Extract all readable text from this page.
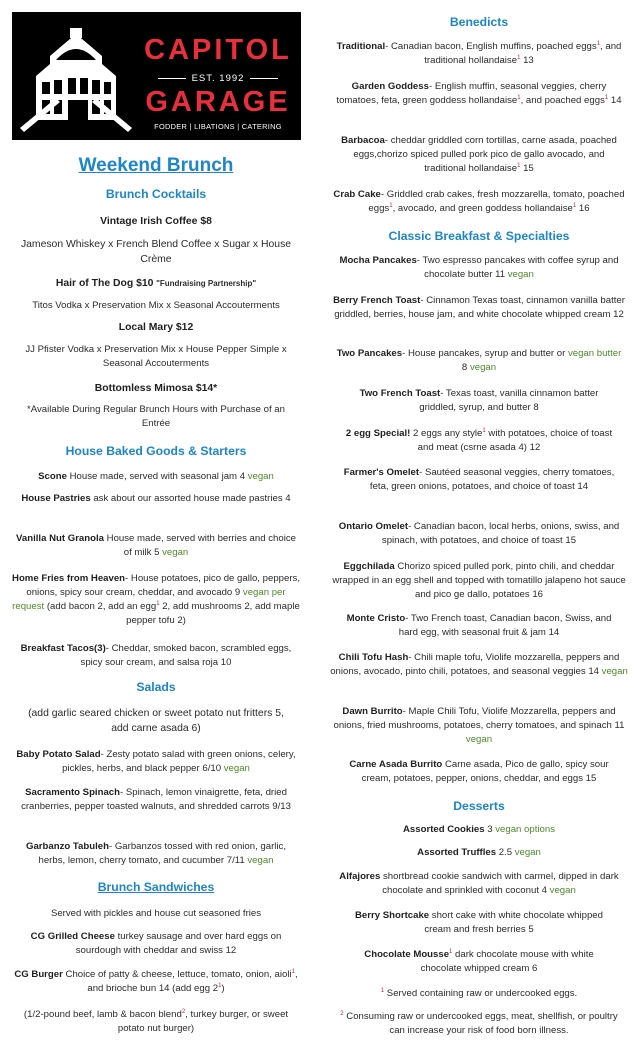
CAPITOL
EST. 1992
GARAGE
FODDER | LIBATIONS | CATERING
Weekend Brunch
Brunch Cocktails
Vintage Irish Coffee $8
Jameson Whiskey x French Blend Coffee x Sugar x House Crème
Hair of The Dog $10 "Fundraising Partnership"
Titos Vodka x Preservation Mix x Seasonal Accouterments
Local Mary $12
JJ Pfister Vodka x Preservation Mix x House Pepper Simple x Seasonal Accouterments
Bottomless Mimosa $14*
*Available During Regular Brunch Hours with Purchase of an Entrée
House Baked Goods & Starters
Scone House made, served with seasonal jam 4 vegan
House Pastries ask about our assorted house made pastries 4
Vanilla Nut Granola House made, served with berries and choice of milk 5 vegan
Home Fries from Heaven- House potatoes, pico de gallo, peppers, onions, spicy sour cream, cheddar, and avocado 9 vegan per request (add bacon 2, add an egg$^1$ 2, add mushrooms 2, add maple pepper tofu 2)
Breakfast Tacos(3)- Cheddar, smoked bacon, scrambled eggs, spicy sour cream, and salsa roja 10
Salads
(add garlic seared chicken or sweet potato nut fritters 5, add carne asada 6)
Baby Potato Salad- Zesty potato salad with green onions, celery, pickles, herbs, and black pepper 6/10 vegan
Sacramento Spinach- Spinach, lemon vinaigrette, feta, dried cranberries, pepper toasted walnuts, and shredded carrots 9/13
Garbanzo Tabuleh- Garbanzos tossed with red onion, garlic, herbs, lemon, cherry tomato, and cucumber 7/11 vegan
Brunch Sandwiches
Served with pickles and house cut seasoned fries
CG Grilled Cheese turkey sausage and over hard eggs on sourdough with cheddar and swiss 12
CG Burger Choice of patty & cheese, lettuce, tomato, onion, aioli$^1$, and brioche bun 14 (add egg $2^1$)
(1/2-pound beef, lamb & bacon blend$^2$, turkey burger, or sweet potato nut burger)
Benedicts
Traditional- Canadian bacon, English muffins, poached eggs$^1$, and traditional hollandaise$^1$ 13
Garden Goddess- English muffin, seasonal veggies, cherry tomatoes, feta, green goddess hollandaise$^1$, and poached eggs$^1$ 14
Barbacoa- cheddar griddled corn tortillas, carne asada, poached eggs,chorizo spiced pulled pork pico de gallo avocado, and traditional hollandaise$^1$ 15
Crab Cake- Griddled crab cakes, fresh mozzarella, tomato, poached eggs$^1$, avocado, and green goddess hollandaise$^1$ 16
Classic Breakfast & Specialties
Mocha Pancakes- Two espresso pancakes with coffee syrup and chocolate butter 11 vegan
Berry French Toast- Cinnamon Texas toast, cinnamon vanilla batter griddled, berries, house jam, and white chocolate whipped cream 12
Two Pancakes- House pancakes, syrup and butter or vegan butter 8 vegan
Two French Toast- Texas toast, vanilla cinnamon batter griddled, syrup, and butter 8
2 egg Special! 2 eggs any style$^1$ with potatoes, choice of toast and meat (csrne asada 4) 12
Farmer's Omelet- Sautéed seasonal veggies, cherry tomatoes, feta, green onions, potatoes, and choice of toast 14
Ontario Omelet- Canadian bacon, local herbs, onions, swiss, and spinach, with potatoes, and choice of toast 15
Eggchilada Chorizo spiced pulled pork, pinto chili, and cheddar wrapped in an egg shell and topped with tomatillo jalapeno hot sauce and pico ge dallo, potatoes 16
Monte Cristo- Two French toast, Canadian bacon, Swiss, and hard egg, with seasonal fruit & jam 14
Chili Tofu Hash- Chili maple tofu, Violife mozzarella, peppers and onions, avocado, pinto chili, potatoes, and seasonal veggies 14 vegan
Dawn Burrito- Maple Chili Tofu, Violife Mozzarella, peppers and onions, fried mushrooms, potatoes, cherry tomatoes, and spinach 11 vegan
Carne Asada Burrito Carne asada, Pico de gallo, spicy sour cream, potatoes, pepper, onions, cheddar, and eggs 15
Desserts
Assorted Cookies 3 vegan options
Assorted Truffles 2.5 vegan
Alfajores shortbread cookie sandwich with carmel, dipped in dark chocolate and sprinkled with coconut 4 vegan
Berry Shortcake short cake with white chocolate whipped cream and fresh berries 5
Chocolate Mousse$^1$ dark chocolate mouse with white chocolate whipped cream 6
$^1$ Served containing raw or undercooked eggs.
$^2$ Consuming raw or undercooked eggs, meat, shellfish, or poultry can increase your risk of food born illness.
